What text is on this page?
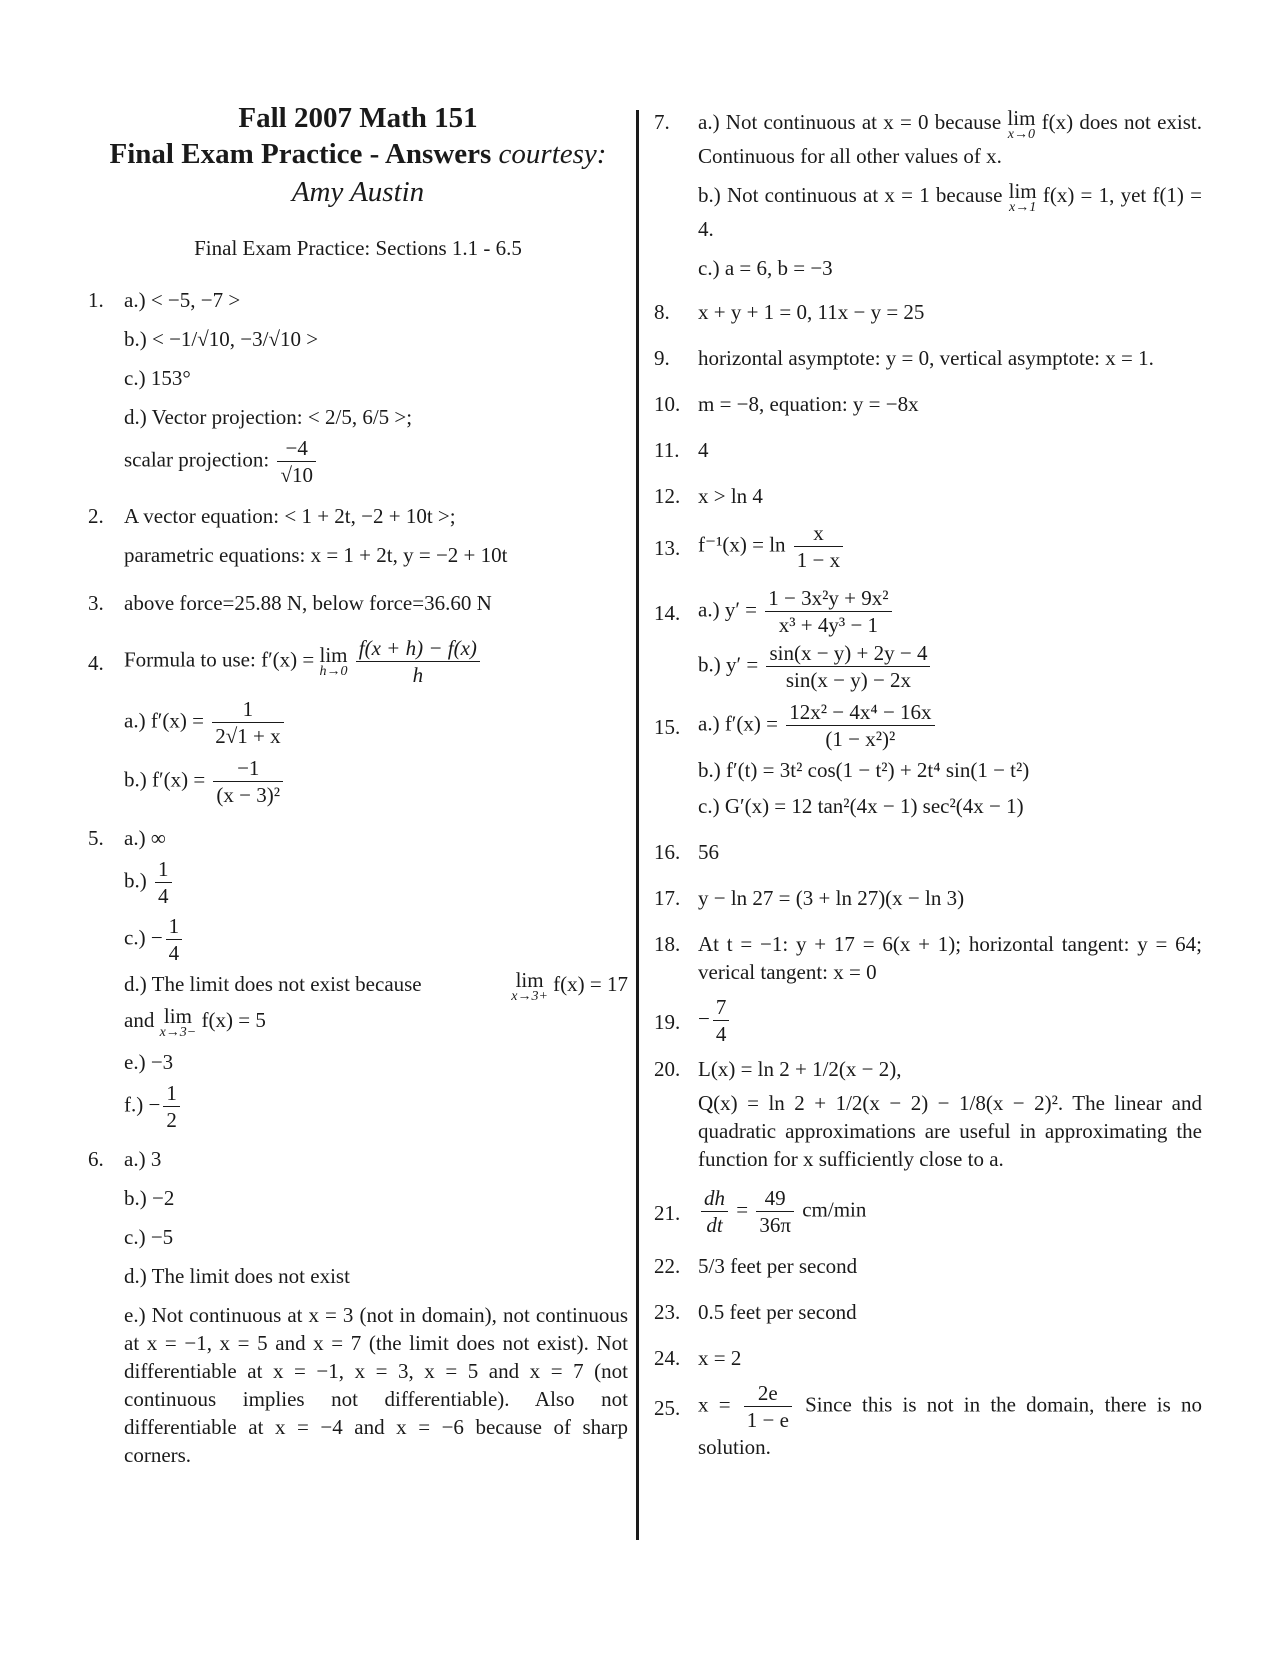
Fall 2007 Math 151
Final Exam Practice - Answers courtesy:
Amy Austin
Final Exam Practice: Sections 1.1 - 6.5
1. a.) < −5, −7 >
b.) < −1/√10, −3/√10 >
c.) 153°
d.) Vector projection: < 2/5, 6/5 >;
scalar projection: $\frac{-4}{√10}$
2. A vector equation: < 1 + 2t, −2 + 10t >;
parametric equations: x = 1 + 2t, y = −2 + 10t
3. above force=25.88 N, below force=36.60 N
4. Formula to use: f′(x) = lim
h→0
$\frac{f(x + h) - f(x)}{h}$
a.) $f'(x) = \frac{1}{2√1 + x}$
b.) $f'(x) = \frac{-1}{\text{(x − 3)²}}$
5. a.) ∞
$b.) \frac{1}{4}$
$c.) - \frac{1}{4}$
d.) The limit does not exist because	lim
x→3+
f(x) = 17
and lim
x→3−
f(x) = 5
e.) −3
$f.) - \frac{1}{2}$
6. a.) 3
b.) −2
c.) −5
d.) The limit does not exist
e.) Not continuous at x = 3 (not in domain), not continuous at x = −1, x = 5 and x = 7 (the limit does not exist). Not differentiable at x = −1, x = 3, x = 5 and x = 7 (not continuous implies not differentiable). Also not differentiable at x = −4 and x = −6 because of sharp corners.
7. a.) Not continuous at x = 0 because lim
x→0
f(x) does not exist. Continuous for all other values of x.
b.) Not continuous at x = 1 because lim
x→1
f(x) = 1, yet f(1) = 4.
c.) a = 6, b = −3
8. x + y + 1 = 0, 11x − y = 25
9. horizontal asymptote: y = 0, vertical asymptote: x = 1.
10. m = −8, equation: y = −8x
11. 4
12. x > ln 4
13. $f^{-1}(x) = \ln \frac{x}{1 - x}$
14. a.) $y' = \frac{\text{1 − 3x²y + 9x²}}{\text{x³ + 4y³ − 1}}$
b.) $y' = \frac{\sin(x - y) + 2y - 4}{\sin(x - y) - 2x}$
15. a.) $f'(x) = \frac{\text{12x² − 4x⁴ − 16x}}{\text{(1 − x²)²}}$
b.) f′(t) = 3t² cos(1 − t²) + 2t⁴ sin(1 − t²)
c.) G′(x) = 12 tan²(4x − 1) sec²(4x − 1)
16. 56
17. y − ln 27 = (3 + ln 27)(x − ln 3)
18. At t = −1: y + 17 = 6(x + 1); horizontal tangent: y = 64; verical tangent: x = 0
19. − $\frac{7}{4}$
20. L(x) = ln 2 + 1/2(x − 2),
Q(x) = ln 2 + 1/2(x − 2) − 1/8(x − 2)². The linear and quadratic approximations are useful in approximating the function for x sufficiently close to a.
21. $\frac{dh}{dt} = \frac{49}{36\pi} cm/\min$
22. 5/3 feet per second
23. 0.5 feet per second
24. x = 2
25. $x = \frac{2e}{1 - e}$ Since this is not in the domain, there is no solution.
